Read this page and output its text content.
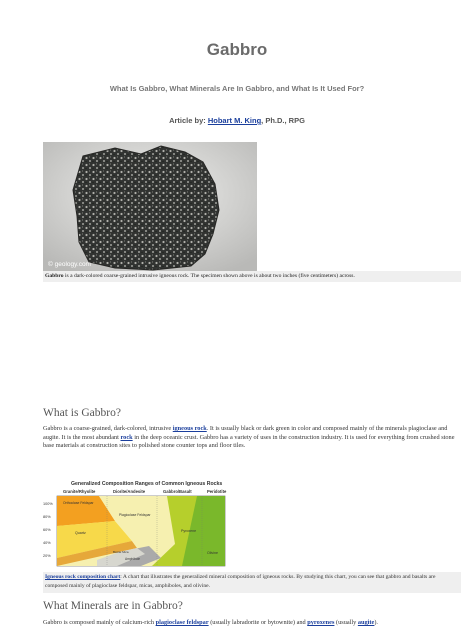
Gabbro
What Is Gabbro, What Minerals Are In Gabbro, and What Is It Used For?
Article by: Hobart M. King, Ph.D., RPG
© geology.com
Gabbro is a dark-colored coarse-grained intrusive igneous rock. The specimen shown above is about two inches (five centimeters) across.
What is Gabbro?
Gabbro is a coarse-grained, dark-colored, intrusive igneous rock. It is usually black or dark green in color and composed mainly of the minerals plagioclase and augite. It is the most abundant rock in the deep oceanic crust. Gabbro has a variety of uses in the construction industry. It is used for everything from crushed stone base materials at construction sites to polished stone counter tops and floor tiles.
Generalized Composition Ranges of Common Igneous Rocks
Granite/Rhyolite	Diorite/Andesite	Gabbro/Basalt	Peridotite
100%
80%
60%
40%
20%
Orthoclase Feldspar
Quartz
Plagioclase Feldspar
Pyroxene
Olivine
Amphibole
Biotite Mica
Igneous rock composition chart: A chart that illustrates the generalized mineral composition of igneous rocks. By studying this chart, you can see that gabbro and basalts are composed mainly of plagioclase feldspar, micas, amphiboles, and olivine.
What Minerals are in Gabbro?
Gabbro is composed mainly of calcium-rich plagioclase feldspar (usually labradorite or bytownite) and pyroxenes (usually augite).
